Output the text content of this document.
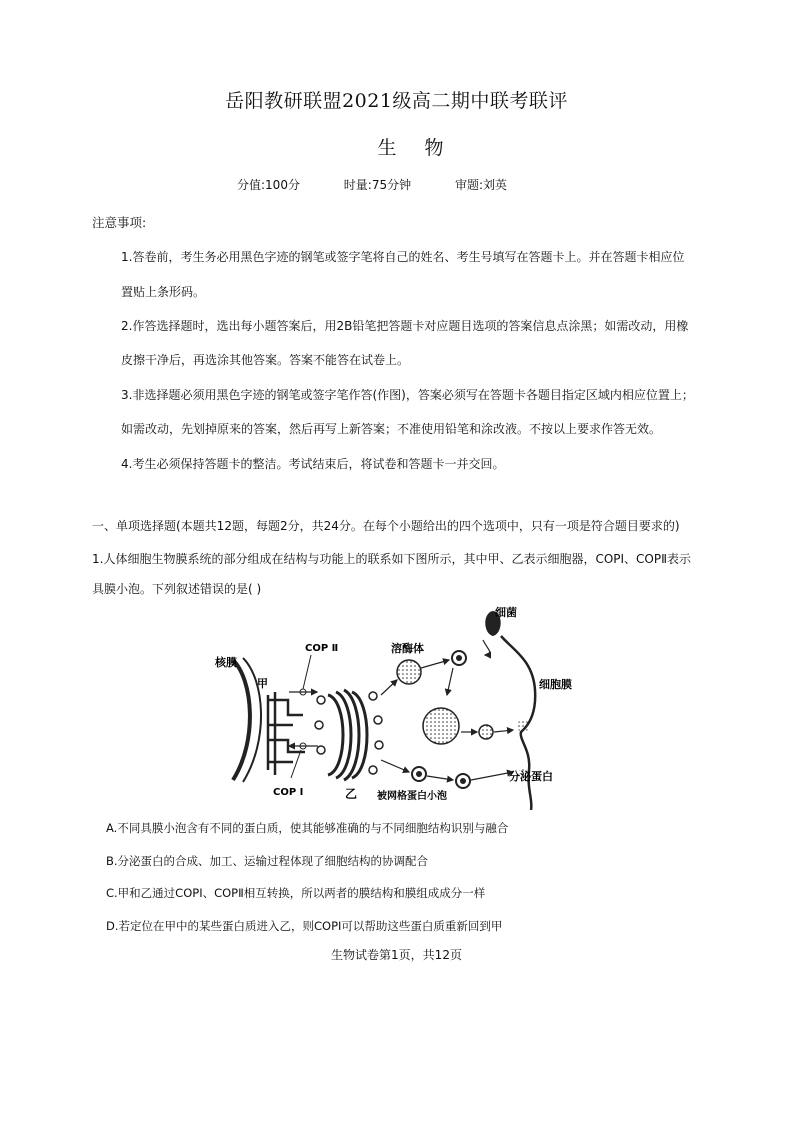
岳阳教研联盟2021级高二期中联考联评
生物
分值:100分	时量:75分钟	审题:刘英
注意事项:
1.答卷前，考生务必用黑色字迹的钢笔或签字笔将自己的姓名、考生号填写在答题卡上。并在答题卡相应位
置贴上条形码。
2.作答选择题时，选出每小题答案后，用2B铅笔把答题卡对应题目选项的答案信息点涂黑；如需改动，用橡
皮擦干净后，再选涂其他答案。答案不能答在试卷上。
3.非选择题必须用黑色字迹的钢笔或签字笔作答(作图)，答案必须写在答题卡各题目指定区域内相应位置上；
如需改动，先划掉原来的答案，然后再写上新答案；不准使用铅笔和涂改液。不按以上要求作答无效。
4.考生必须保持答题卡的整洁。考试结束后，将试卷和答题卡一并交回。
一、单项选择题(本题共12题，每题2分，共24分。在每个小题给出的四个选项中，只有一项是符合题目要求的)
1.人体细胞生物膜系统的部分组成在结构与功能上的联系如下图所示，其中甲、乙表示细胞器，COPI、COPⅡ表示
具膜小泡。下列叙述错误的是( )
核膜
甲
COP Ⅱ
COP Ⅰ	乙
溶酶体
细菌
细胞膜
分泌蛋白
被网格蛋白小泡
A.不同具膜小泡含有不同的蛋白质，使其能够准确的与不同细胞结构识别与融合
B.分泌蛋白的合成、加工、运输过程体现了细胞结构的协调配合
C.甲和乙通过COPⅠ、COPⅡ相互转换，所以两者的膜结构和膜组成成分一样
D.若定位在甲中的某些蛋白质进入乙，则COPI可以帮助这些蛋白质重新回到甲
生物试卷第1页，共12页
